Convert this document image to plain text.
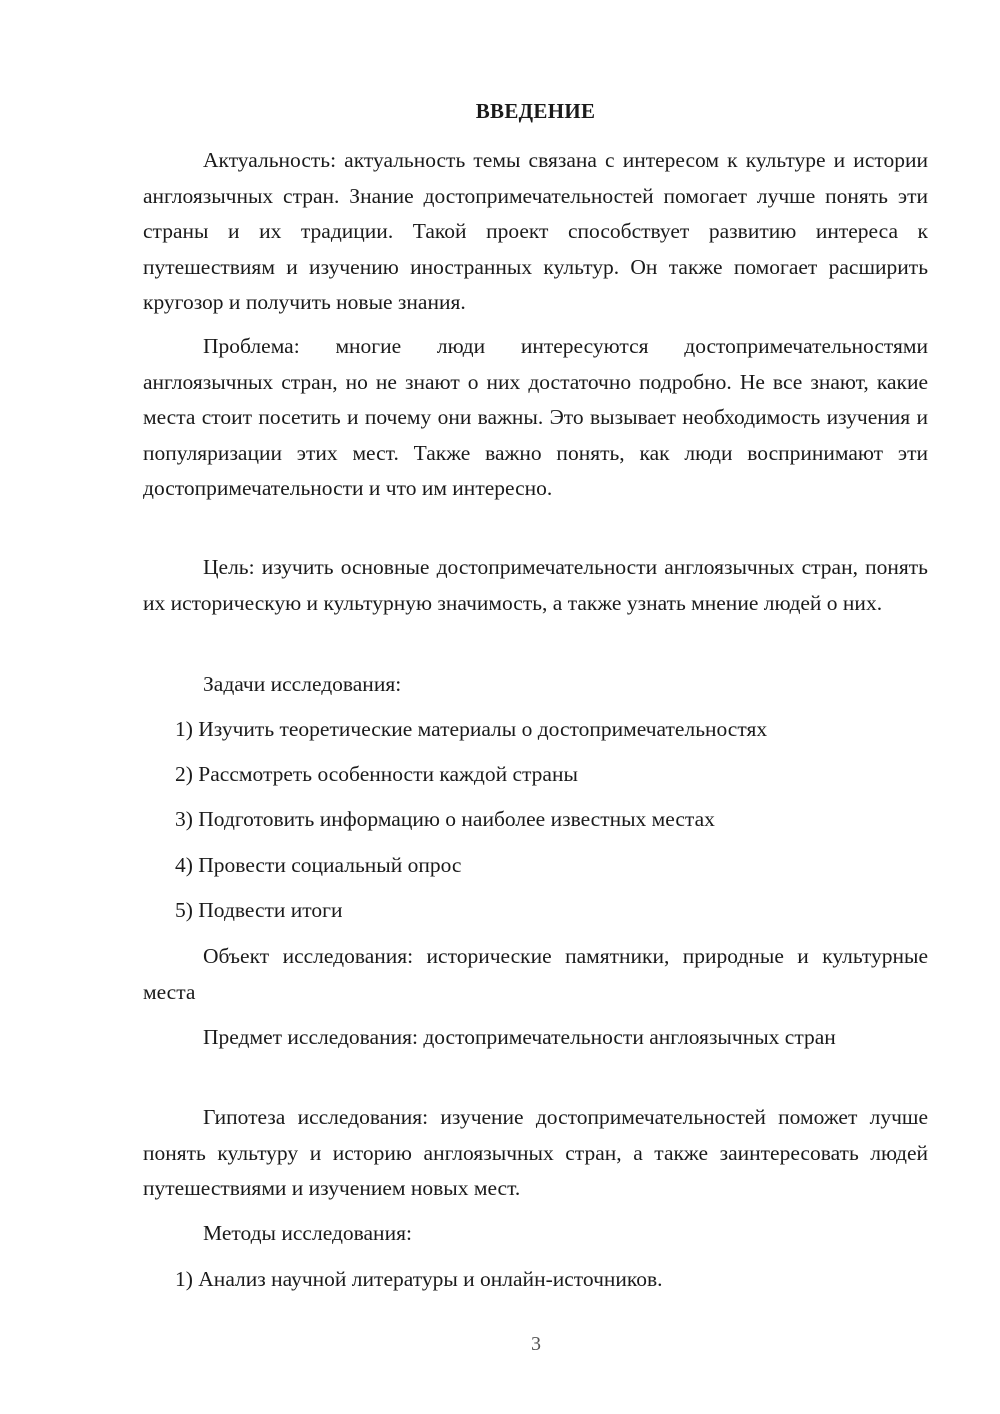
ВВЕДЕНИЕ

Актуальность: актуальность темы связана с интересом к культуре и истории англоязычных стран. Знание достопримечательностей помогает лучше понять эти страны и их традиции. Такой проект способствует развитию интереса к путешествиям и изучению иностранных культур. Он также помогает расширить кругозор и получить новые знания.

Проблема: многие люди интересуются достопримечательностями англоязычных стран, но не знают о них достаточно подробно. Не все знают, какие места стоит посетить и почему они важны. Это вызывает необходимость изучения и популяризации этих мест. Также важно понять, как люди воспринимают эти достопримечательности и что им интересно.

Цель: изучить основные достопримечательности англоязычных стран, понять их историческую и культурную значимость, а также узнать мнение людей о них.

Задачи исследования:

1) Изучить теоретические материалы о достопримечательностях

2) Рассмотреть особенности каждой страны

3) Подготовить информацию о наиболее известных местах

4) Провести социальный опрос

5) Подвести итоги

Объект исследования: исторические памятники, природные и культурные места

Предмет исследования: достопримечательности англоязычных стран

Гипотеза исследования: изучение достопримечательностей поможет лучше понять культуру и историю англоязычных стран, а также заинтересовать людей путешествиями и изучением новых мест.

Методы исследования:

1) Анализ научной литературы и онлайн-источников.

3
